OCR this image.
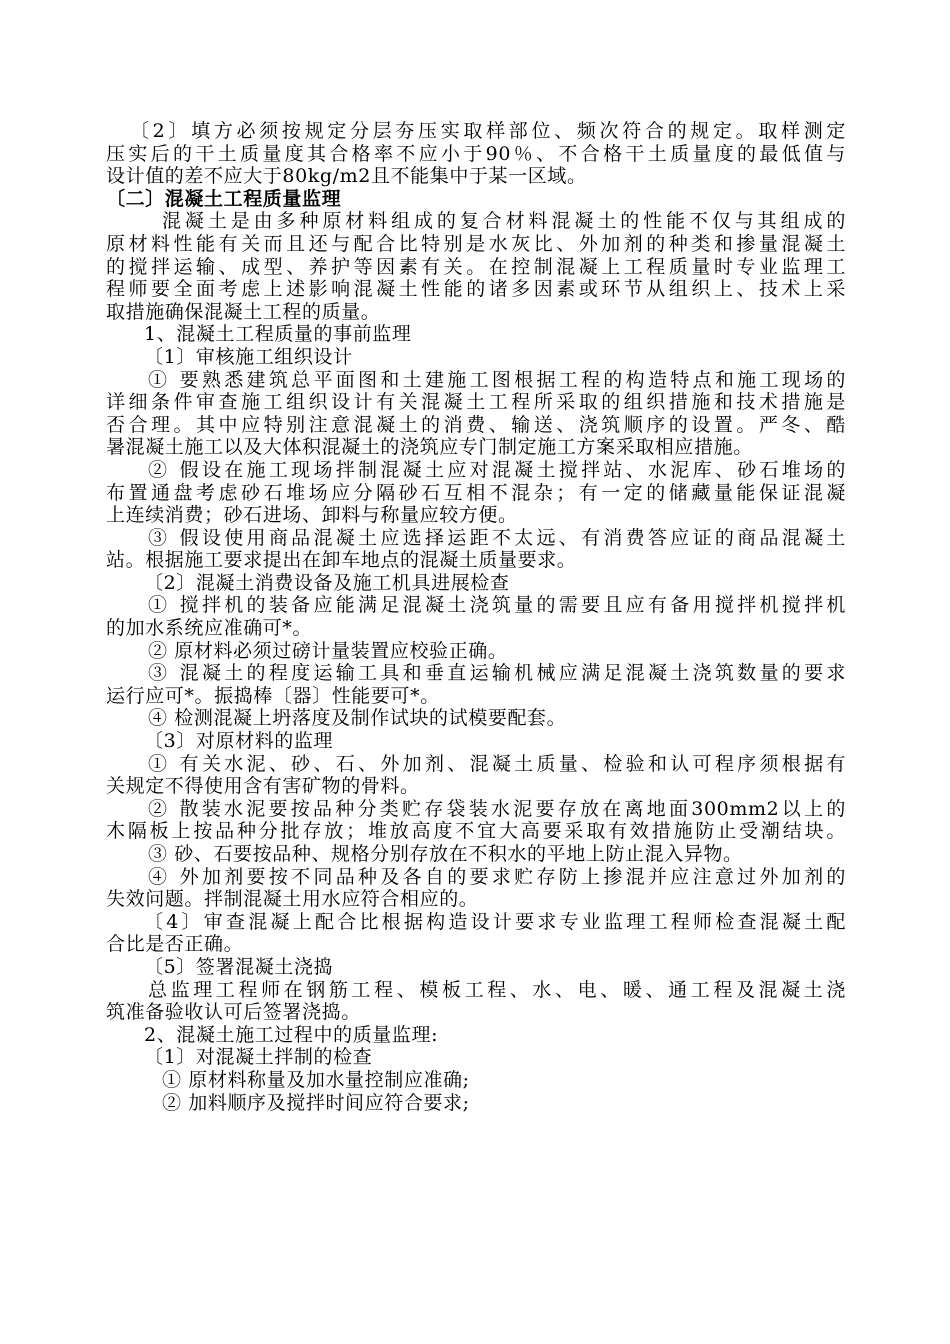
〔2〕填方必须按规定分层夯压实取样部位、频次符合的规定。取样测定
压实后的干土质量度其合格率不应小于90％、不合格干土质量度的最低值与
设计值的差不应大于80kg/m2且不能集中于某一区域。
〔二〕混凝土工程质量监理
混凝土是由多种原材料组成的复合材料混凝土的性能不仅与其组成的
原材料性能有关而且还与配合比特别是水灰比、外加剂的种类和掺量混凝土
的搅拌运输、成型、养护等因素有关。在控制混凝上工程质量时专业监理工
程师要全面考虑上述影响混凝土性能的诸多因素或环节从组织上、技术上采
取措施确保混凝土工程的质量。
1、混凝土工程质量的事前监理
〔1〕审核施工组织设计
① 要熟悉建筑总平面图和土建施工图根据工程的构造特点和施工现场的
详细条件审查施工组织设计有关混凝土工程所采取的组织措施和技术措施是
否合理。其中应特别注意混凝土的消费、输送、浇筑顺序的设置。严冬、酷
暑混凝土施工以及大体积混凝土的浇筑应专门制定施工方案采取相应措施。
② 假设在施工现场拌制混凝土应对混凝土搅拌站、水泥库、砂石堆场的
布置通盘考虑砂石堆场应分隔砂石互相不混杂；有一定的储藏量能保证混凝
上连续消费；砂石进场、卸料与称量应较方便。
③ 假设使用商品混凝土应选择运距不太远、有消费答应证的商品混凝土
站。根据施工要求提出在卸车地点的混凝土质量要求。
〔2〕混凝土消费设备及施工机具进展检查
① 搅拌机的装备应能满足混凝土浇筑量的需要且应有备用搅拌机搅拌机
的加水系统应准确可*。
② 原材料必须过磅计量装置应校验正确。
③ 混凝土的程度运输工具和垂直运输机械应满足混凝土浇筑数量的要求
运行应可*。振捣棒〔器〕性能要可*。
④ 检测混凝上坍落度及制作试块的试模要配套。
〔3〕对原材料的监理
① 有关水泥、砂、石、外加剂、混凝土质量、检验和认可程序须根据有
关规定不得使用含有害矿物的骨料。
② 散装水泥要按品种分类贮存袋装水泥要存放在离地面300mm2以上的
木隔板上按品种分批存放；堆放高度不宜大高要采取有效措施防止受潮结块。
③ 砂、石要按品种、规格分别存放在不积水的平地上防止混入异物。
④ 外加剂要按不同品种及各自的要求贮存防上掺混并应注意过外加剂的
失效问题。拌制混凝土用水应符合相应的。
〔4〕审查混凝上配合比根据构造设计要求专业监理工程师检查混凝土配
合比是否正确。
〔5〕签署混凝土浇捣
总监理工程师在钢筋工程、模板工程、水、电、暖、通工程及混凝土浇
筑准备验收认可后签署浇捣。
2、混凝土施工过程中的质量监理:
〔1〕对混凝土拌制的检查
① 原材料称量及加水量控制应准确;
② 加料顺序及搅拌时间应符合要求;
